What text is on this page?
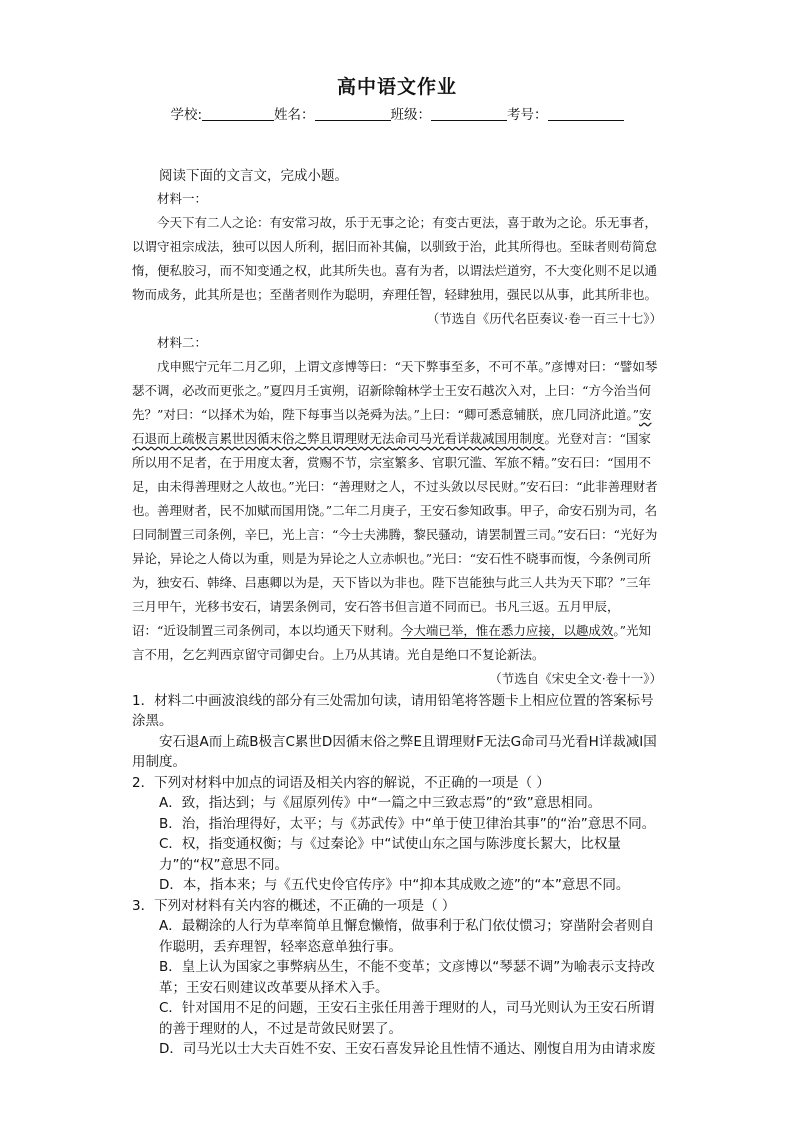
高中语文作业
学校:	姓名：	班级：	考号：

阅读下面的文言文，完成小题。

材料一：

今天下有二人之论：有安常习故，乐于无事之论；有变古更法，喜于敢为之论。乐无事者，以谓守祖宗成法，独可以因人所利，据旧而补其偏，以驯致于治，此其所得也。至昧者则苟简怠惰，便私胶习，而不知变通之权，此其所失也。喜有为者，以谓法烂道穷，不大变化则不足以通物而成务，此其所是也；至凿者则作为聪明，弃理任智，轻肆独用，强民以从事，此其所非也。

（节选自《历代名臣奏议·卷一百三十七》）

材料二：

戊申熙宁元年二月乙卯，上谓文彦博等曰：“天下弊事至多，不可不革。”彦博对曰：“譬如琴瑟不调，必改而更张之。”夏四月壬寅朔，诏新除翰林学士王安石越次入对，上曰：“方今治当何先？”对曰：“以择术为始，陛下每事当以尧舜为法。”上曰：“卿可悉意辅朕，庶几同济此道。”安石退而上疏极言累世因循末俗之弊且谓理财无法命司马光看详裁减国用制度。光登对言：“国家所以用不足者，在于用度太奢，赏赐不节，宗室繁多、官职冗滥、军旅不精。”安石曰：“国用不足，由未得善理财之人故也。”光曰：“善理财之人，不过头敛以尽民财。”安石曰：“此非善理财者也。善理财者，民不加赋而国用饶。”二年二月庚子，王安石参知政事。甲子，命安石别为司，名曰同制置三司条例，辛巳，光上言：“今士夫沸腾，黎民骚动，请罢制置三司。”安石曰：“光好为异论，异论之人倚以为重，则是为异论之人立赤帜也。”光曰：“安石性不晓事而愎，今条例司所为，独安石、韩绛、吕惠卿以为是，天下皆以为非也。陛下岂能独与此三人共为天下耶？”三年三月甲午，光移书安石，请罢条例司，安石答书但言道不同而已。书凡三返。五月甲辰，诏：“近设制置三司条例司，本以均通天下财利。今大端已举，惟在悉力应接，以趣成效。”光知言不用，乞乞判西京留守司御史台。上乃从其请。光自是绝口不复论新法。

（节选自《宋史全文·卷十一》）

1．材料二中画波浪线的部分有三处需加句读，请用铅笔将答题卡上相应位置的答案标号涂黑。

安石退A而上疏B极言C累世D因循末俗之弊E且谓理财F无法G命司马光看H详裁减I国用制度。

2．下列对材料中加点的词语及相关内容的解说，不正确的一项是（ ）

A．致，指达到；与《屈原列传》中“一篇之中三致志焉”的“致”意思相同。

B．治，指治理得好，太平；与《苏武传》中“单于使卫律治其事”的“治”意思不同。

C．权，指变通权衡；与《过秦论》中“试使山东之国与陈涉度长絜大，比权量力”的“权”意思不同。

D．本，指本来；与《五代史伶官传序》中“抑本其成败之迹”的“本”意思不同。

3．下列对材料有关内容的概述，不正确的一项是（ ）

A．最糊涂的人行为草率简单且懈怠懒惰，做事利于私门依仗惯习；穿凿附会者则自作聪明，丢弃理智，轻率恣意单独行事。

B．皇上认为国家之事弊病丛生，不能不变革；文彦博以“琴瑟不调”为喻表示支持改革；王安石则建议改革要从择术入手。

C．针对国用不足的问题，王安石主张任用善于理财的人，司马光则认为王安石所谓的善于理财的人，不过是苛敛民财罢了。

D．司马光以士大夫百姓不安、王安石喜发异论且性情不通达、刚愎自用为由请求废
